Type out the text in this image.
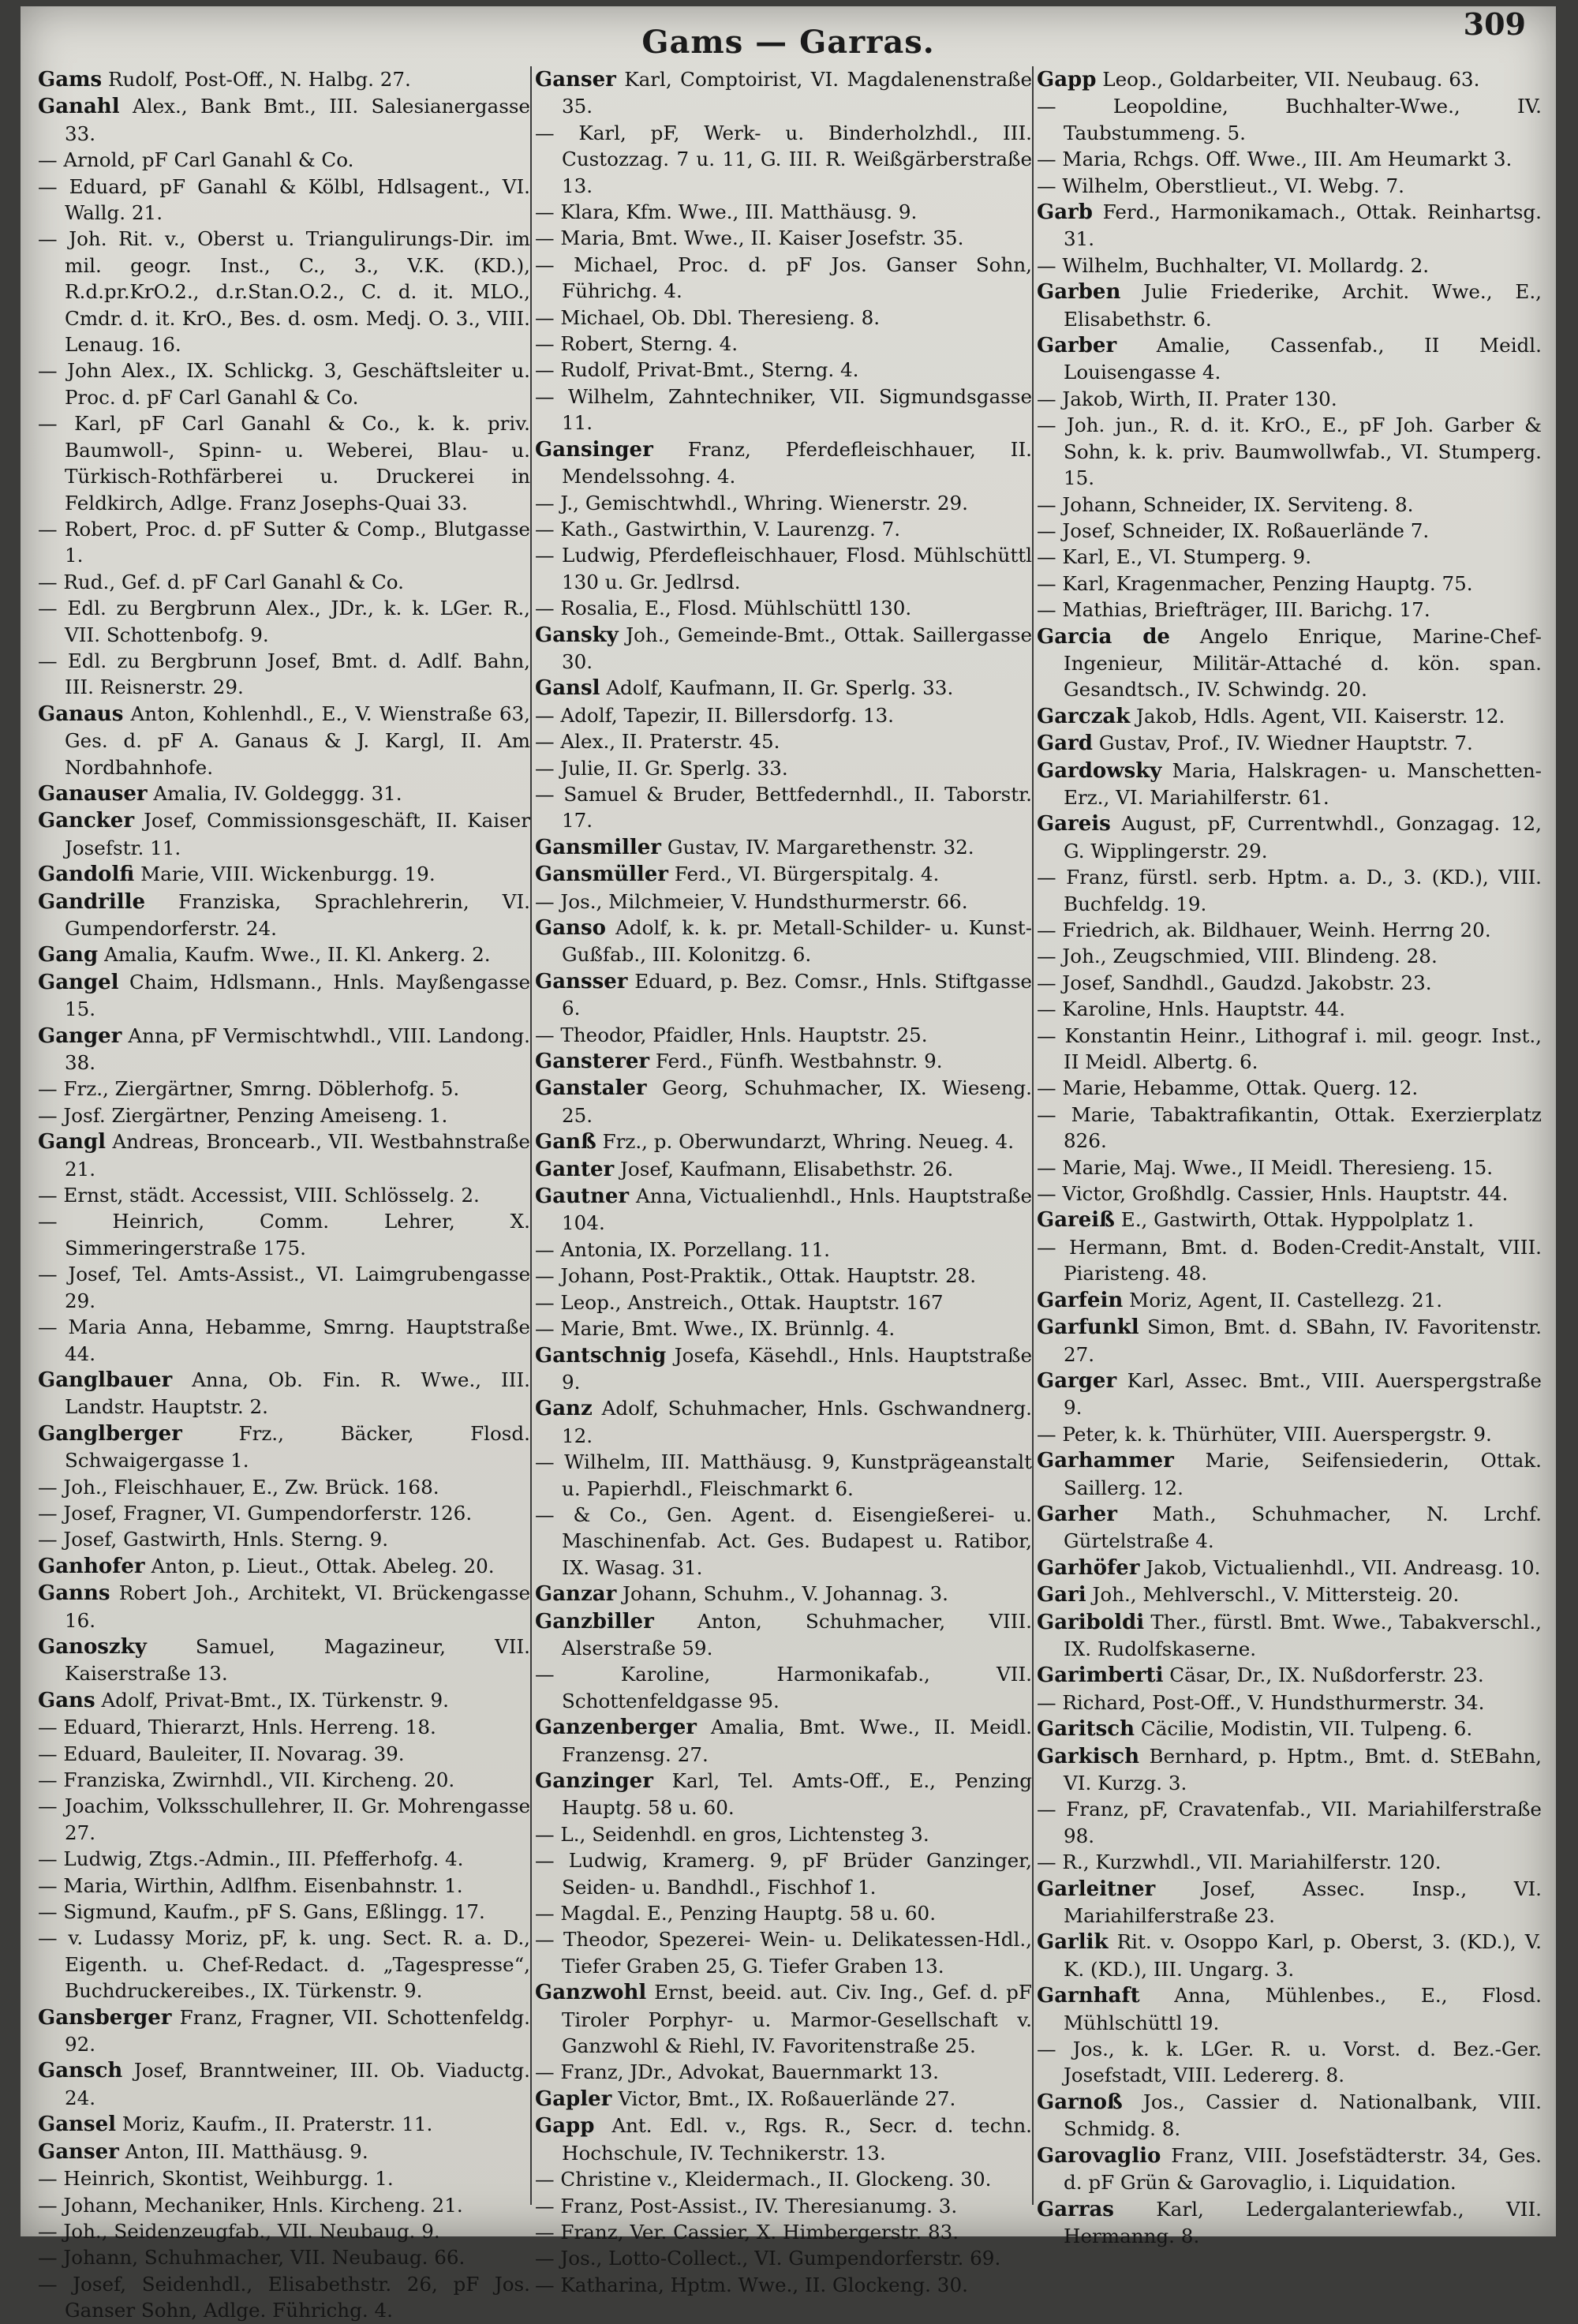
Gams — Garras.	309

Gams Rudolf, Post-Off., N. Halbg. 27.

Ganahl Alex., Bank Bmt., III. Salesianergasse 33.

— Arnold, pF Carl Ganahl & Co.

— Eduard, pF Ganahl & Kölbl, Hdlsagent., VI. Wallg. 21.

— Joh. Rit. v., Oberst u. Triangulirungs-Dir. im mil. geogr. Inst., C., 3., V.K. (KD.), R.d.pr.KrO.2., d.r.Stan.O.2., C. d. it. MLO., Cmdr. d. it. KrO., Bes. d. osm. Medj. O. 3., VIII. Lenaug. 16.

— John Alex., IX. Schlickg. 3, Geschäftsleiter u. Proc. d. pF Carl Ganahl & Co.

— Karl, pF Carl Ganahl & Co., k. k. priv. Baumwoll-, Spinn- u. Weberei, Blau- u. Türkisch-Rothfärberei u. Druckerei in Feldkirch, Adlge. Franz Josephs-Quai 33.

— Robert, Proc. d. pF Sutter & Comp., Blutgasse 1.

— Rud., Gef. d. pF Carl Ganahl & Co.

— Edl. zu Bergbrunn Alex., JDr., k. k. LGer. R., VII. Schottenbofg. 9.

— Edl. zu Bergbrunn Josef, Bmt. d. Adlf. Bahn, III. Reisnerstr. 29.

Ganaus Anton, Kohlenhdl., E., V. Wienstraße 63, Ges. d. pF A. Ganaus & J. Kargl, II. Am Nordbahnhofe.

Ganauser Amalia, IV. Goldeggg. 31.

Gancker Josef, Commissionsgeschäft, II. Kaiser Josefstr. 11.

Gandolfi Marie, VIII. Wickenburgg. 19.

Gandrille Franziska, Sprachlehrerin, VI. Gumpendorferstr. 24.

Gang Amalia, Kaufm. Wwe., II. Kl. Ankerg. 2.

Gangel Chaim, Hdlsmann., Hnls. Mayßengasse 15.

Ganger Anna, pF Vermischtwhdl., VIII. Landong. 38.

— Frz., Ziergärtner, Smrng. Döblerhofg. 5.

— Josf. Ziergärtner, Penzing Ameiseng. 1.

Gangl Andreas, Broncearb., VII. Westbahnstraße 21.

— Ernst, städt. Accessist, VIII. Schlösselg. 2.

— Heinrich, Comm. Lehrer, X. Simmeringerstraße 175.

— Josef, Tel. Amts-Assist., VI. Laimgrubengasse 29.

— Maria Anna, Hebamme, Smrng. Hauptstraße 44.

Ganglbauer Anna, Ob. Fin. R. Wwe., III. Landstr. Hauptstr. 2.

Ganglberger	Frz., Bäcker, Flosd. Schwaigergasse 1.

— Joh., Fleischhauer, E., Zw. Brück. 168.

— Josef, Fragner, VI. Gumpendorferstr. 126.

— Josef, Gastwirth, Hnls. Sterng. 9.

Ganhofer Anton, p. Lieut., Ottak. Abeleg. 20.

Ganns Robert Joh., Architekt, VI. Brückengasse 16.

Ganoszky	Samuel, Magazineur, VII. Kaiserstraße 13.

Gans Adolf, Privat-Bmt., IX. Türkenstr. 9.

— Eduard, Thierarzt, Hnls. Herreng. 18.

— Eduard, Bauleiter, II. Novarag. 39.

— Franziska, Zwirnhdl., VII. Kircheng. 20.

— Joachim, Volksschullehrer, II. Gr. Mohrengasse 27.

— Ludwig, Ztgs.-Admin., III. Pfefferhofg. 4.

— Maria, Wirthin, Adlfhm. Eisenbahnstr. 1.

— Sigmund, Kaufm., pF S. Gans, Eßlingg. 17.

— v. Ludassy Moriz, pF, k. ung. Sect. R. a. D., Eigenth. u. Chef-Redact. d. „Tagespresse“, Buchdruckereibes., IX. Türkenstr. 9.

Gansberger Franz, Fragner, VII. Schottenfeldg. 92.

Gansch Josef, Branntweiner, III. Ob. Viaductg. 24.

Gansel Moriz, Kaufm., II. Praterstr. 11.

Ganser Anton, III. Matthäusg. 9.

— Heinrich, Skontist, Weihburgg. 1.

— Johann, Mechaniker, Hnls. Kircheng. 21.

— Joh., Seidenzeugfab., VII. Neubaug. 9.

— Johann, Schuhmacher, VII. Neubaug. 66.

— Josef, Seidenhdl., Elisabethstr. 26, pF Jos. Ganser Sohn, Adlge. Führichg. 4.

Ganser Karl, Comptoirist, VI. Magdalenenstraße 35.

— Karl, pF, Werk- u. Binderholzhdl., III. Custozzag. 7 u. 11, G. III. R. Weißgärberstraße 13.

— Klara, Kfm. Wwe., III. Matthäusg. 9.

— Maria, Bmt. Wwe., II. Kaiser Josefstr. 35.

— Michael, Proc. d. pF Jos. Ganser Sohn, Führichg. 4.

— Michael, Ob. Dbl. Theresieng. 8.

— Robert, Sterng. 4.

— Rudolf, Privat-Bmt., Sterng. 4.

— Wilhelm, Zahntechniker, VII. Sigmundsgasse 11.

Gansinger Franz, Pferdefleischhauer, II. Mendelssohng. 4.

— J., Gemischtwhdl., Whring. Wienerstr. 29.

— Kath., Gastwirthin, V. Laurenzg. 7.

— Ludwig, Pferdefleischhauer, Flosd. Mühlschüttl 130 u. Gr. Jedlrsd.

— Rosalia, E., Flosd. Mühlschüttl 130.

Gansky Joh., Gemeinde-Bmt., Ottak. Saillergasse 30.

Gansl Adolf, Kaufmann, II. Gr. Sperlg. 33.

— Adolf, Tapezir, II. Billersdorfg. 13.

— Alex., II. Praterstr. 45.

— Julie, II. Gr. Sperlg. 33.

— Samuel & Bruder, Bettfedernhdl., II. Taborstr. 17.

Gansmiller Gustav, IV. Margarethenstr. 32.

Gansmüller Ferd., VI. Bürgerspitalg. 4.

— Jos., Milchmeier, V. Hundsthurmerstr. 66.

Ganso Adolf, k. k. pr. Metall-Schilder- u. Kunst-Gußfab., III. Kolonitzg. 6.

Gansser Eduard, p. Bez. Comsr., Hnls. Stiftgasse 6.

— Theodor, Pfaidler, Hnls. Hauptstr. 25.

Gansterer Ferd., Fünfh. Westbahnstr. 9.

Ganstaler Georg, Schuhmacher, IX. Wieseng. 25.

Ganß Frz., p. Oberwundarzt, Whring. Neueg. 4.

Ganter Josef, Kaufmann, Elisabethstr. 26.

Gautner Anna, Victualienhdl., Hnls. Hauptstraße 104.

— Antonia, IX. Porzellang. 11.

— Johann, Post-Praktik., Ottak. Hauptstr. 28.

— Leop., Anstreich., Ottak. Hauptstr. 167

— Marie, Bmt. Wwe., IX. Brünnlg. 4.

Gantschnig Josefa, Käsehdl., Hnls. Hauptstraße 9.

Ganz Adolf, Schuhmacher, Hnls. Gschwandnerg. 12.

— Wilhelm, III. Matthäusg. 9, Kunstprägeanstalt u. Papierhdl., Fleischmarkt 6.

— & Co., Gen. Agent. d. Eisengießerei- u. Maschinenfab. Act. Ges. Budapest u. Ratibor, IX. Wasag. 31.

Ganzar Johann, Schuhm., V. Johannag. 3.

Ganzbiller Anton, Schuhmacher, VIII. Alserstraße 59.

— Karoline, Harmonikafab., VII. Schottenfeldgasse 95.

Ganzenberger Amalia, Bmt. Wwe., II. Meidl. Franzensg. 27.

Ganzinger Karl, Tel. Amts-Off., E., Penzing Hauptg. 58 u. 60.

— L., Seidenhdl. en gros, Lichtensteg 3.

— Ludwig, Kramerg. 9, pF Brüder Ganzinger, Seiden- u. Bandhdl., Fischhof 1.

— Magdal. E., Penzing Hauptg. 58 u. 60.

— Theodor, Spezerei- Wein- u. Delikatessen-Hdl., Tiefer Graben 25, G. Tiefer Graben 13.

Ganzwohl Ernst, beeid. aut. Civ. Ing., Gef. d. pF Tiroler Porphyr- u. Marmor-Gesellschaft v. Ganzwohl & Riehl, IV. Favoritenstraße 25.

— Franz, JDr., Advokat, Bauernmarkt 13.

Gapler Victor, Bmt., IX. Roßauerlände 27.

Gapp Ant. Edl. v., Rgs. R., Secr. d. techn. Hochschule, IV. Technikerstr. 13.

— Christine v., Kleidermach., II. Glockeng. 30.

— Franz, Post-Assist., IV. Theresianumg. 3.

— Franz, Ver. Cassier, X. Himbergerstr. 83.

— Jos., Lotto-Collect., VI. Gumpendorferstr. 69.

— Katharina, Hptm. Wwe., II. Glockeng. 30.

Gapp Leop., Goldarbeiter, VII. Neubaug. 63.

— Leopoldine, Buchhalter-Wwe., IV. Taubstummeng. 5.

— Maria, Rchgs. Off. Wwe., III. Am Heumarkt 3.

— Wilhelm, Oberstlieut., VI. Webg. 7.

Garb Ferd., Harmonikamach., Ottak. Reinhartsg. 31.

— Wilhelm, Buchhalter, VI. Mollardg. 2.

Garben Julie Friederike, Archit. Wwe., E., Elisabethstr. 6.

Garber Amalie, Cassenfab., II Meidl. Louisengasse 4.

— Jakob, Wirth, II. Prater 130.

— Joh. jun., R. d. it. KrO., E., pF Joh. Garber & Sohn, k. k. priv. Baumwollwfab., VI. Stumperg. 15.

— Johann, Schneider, IX. Serviteng. 8.

— Josef, Schneider, IX. Roßauerlände 7.

— Karl, E., VI. Stumperg. 9.

— Karl, Kragenmacher, Penzing Hauptg. 75.

— Mathias, Briefträger, III. Barichg. 17.

Garcia de Angelo Enrique, Marine-Chef-Ingenieur, Militär-Attaché d. kön. span. Gesandtsch., IV. Schwindg. 20.

Garczak Jakob, Hdls. Agent, VII. Kaiserstr. 12.

Gard Gustav, Prof., IV. Wiedner Hauptstr. 7.

Gardowsky Maria, Halskragen- u. Manschetten-Erz., VI. Mariahilferstr. 61.

Gareis August, pF, Currentwhdl., Gonzagag. 12, G. Wipplingerstr. 29.

— Franz, fürstl. serb. Hptm. a. D., 3. (KD.), VIII. Buchfeldg. 19.

— Friedrich, ak. Bildhauer, Weinh. Herrng 20.

— Joh., Zeugschmied, VIII. Blindeng. 28.

— Josef, Sandhdl., Gaudzd. Jakobstr. 23.

— Karoline, Hnls. Hauptstr. 44.

— Konstantin Heinr., Lithograf i. mil. geogr. Inst., II Meidl. Albertg. 6.

— Marie, Hebamme, Ottak. Querg. 12.

— Marie, Tabaktrafikantin, Ottak. Exerzierplatz 826.

— Marie, Maj. Wwe., II Meidl. Theresieng. 15.

— Victor, Großhdlg. Cassier, Hnls. Hauptstr. 44.

Gareiß E., Gastwirth, Ottak. Hyppolplatz 1.

— Hermann, Bmt. d. Boden-Credit-Anstalt, VIII. Piaristeng. 48.

Garfein Moriz, Agent, II. Castellezg. 21.

Garfunkl Simon, Bmt. d. SBahn, IV. Favoritenstr. 27.

Garger Karl, Assec. Bmt., VIII. Auerspergstraße 9.

— Peter, k. k. Thürhüter, VIII. Auerspergstr. 9.

Garhammer Marie, Seifensiederin, Ottak. Saillerg. 12.

Garher Math., Schuhmacher, N. Lrchf. Gürtelstraße 4.

Garhöfer Jakob, Victualienhdl., VII. Andreasg. 10.

Gari Joh., Mehlverschl., V. Mittersteig. 20.

Gariboldi Ther., fürstl. Bmt. Wwe., Tabakverschl., IX. Rudolfskaserne.

Garimberti Cäsar, Dr., IX. Nußdorferstr. 23.

— Richard, Post-Off., V. Hundsthurmerstr. 34.

Garitsch Cäcilie, Modistin, VII. Tulpeng. 6.

Garkisch Bernhard, p. Hptm., Bmt. d. StEBahn, VI. Kurzg. 3.

— Franz, pF, Cravatenfab., VII. Mariahilferstraße 98.

— R., Kurzwhdl., VII. Mariahilferstr. 120.

Garleitner Josef, Assec. Insp., VI. Mariahilferstraße 23.

Garlik Rit. v. Osoppo Karl, p. Oberst, 3. (KD.), V. K. (KD.), III. Ungarg. 3.

Garnhaft Anna, Mühlenbes., E., Flosd. Mühlschüttl 19.

— Jos., k. k. LGer. R. u. Vorst. d. Bez.-Ger. Josefstadt, VIII. Ledererg. 8.

Garnoß Jos., Cassier d. Nationalbank, VIII. Schmidg. 8.

Garovaglio Franz, VIII. Josefstädterstr. 34, Ges. d. pF Grün & Garovaglio, i. Liquidation.

Garras Karl, Ledergalanteriewfab., VII. Hermanng. 8.
